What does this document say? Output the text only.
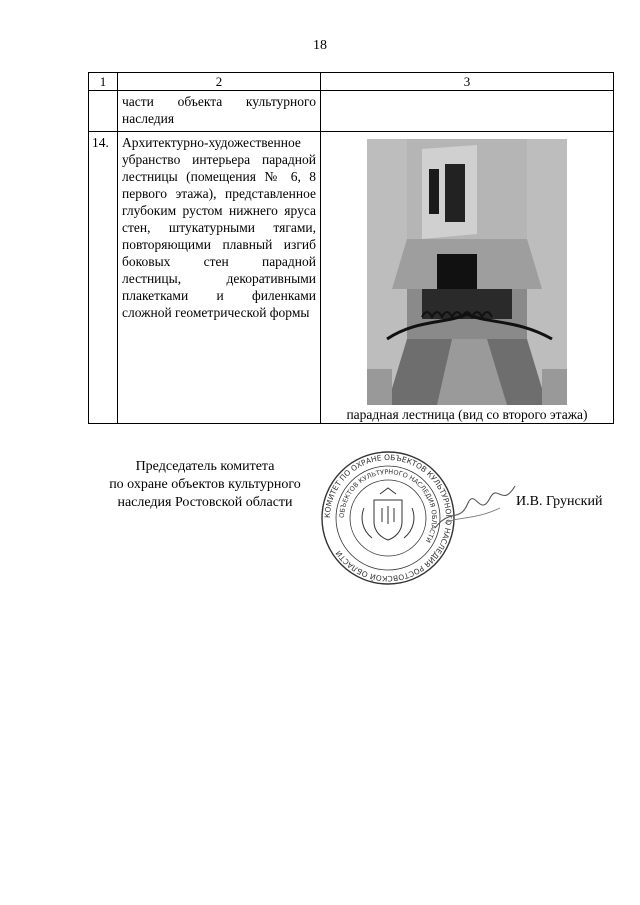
18
1	2	3

	части объекта культурного наследия	

14.	Архитектурно-художественное убранство интерьера парадной лестницы (помещения № 6, 8 первого этажа), представленное глубоким рустом нижнего яруса стен, штукатурными тягами, повторяющими плавный изгиб боковых стен парадной лестницы, декоративными плакетками и филенками сложной геометрической формы	парадная лестница (вид со второго этажа)
Председатель комитета
по охране объектов культурного
наследия Ростовской области
КОМИТЕТ ПО ОХРАНЕ ОБЪЕКТОВ КУЛЬТУРНОГО НАСЛЕДИЯ РОСТОВСКОЙ ОБЛАСТИ
ОБЪЕКТОВ КУЛЬТУРНОГО НАСЛЕДИЯ ОБЛАСТИ
И.В. Грунский
